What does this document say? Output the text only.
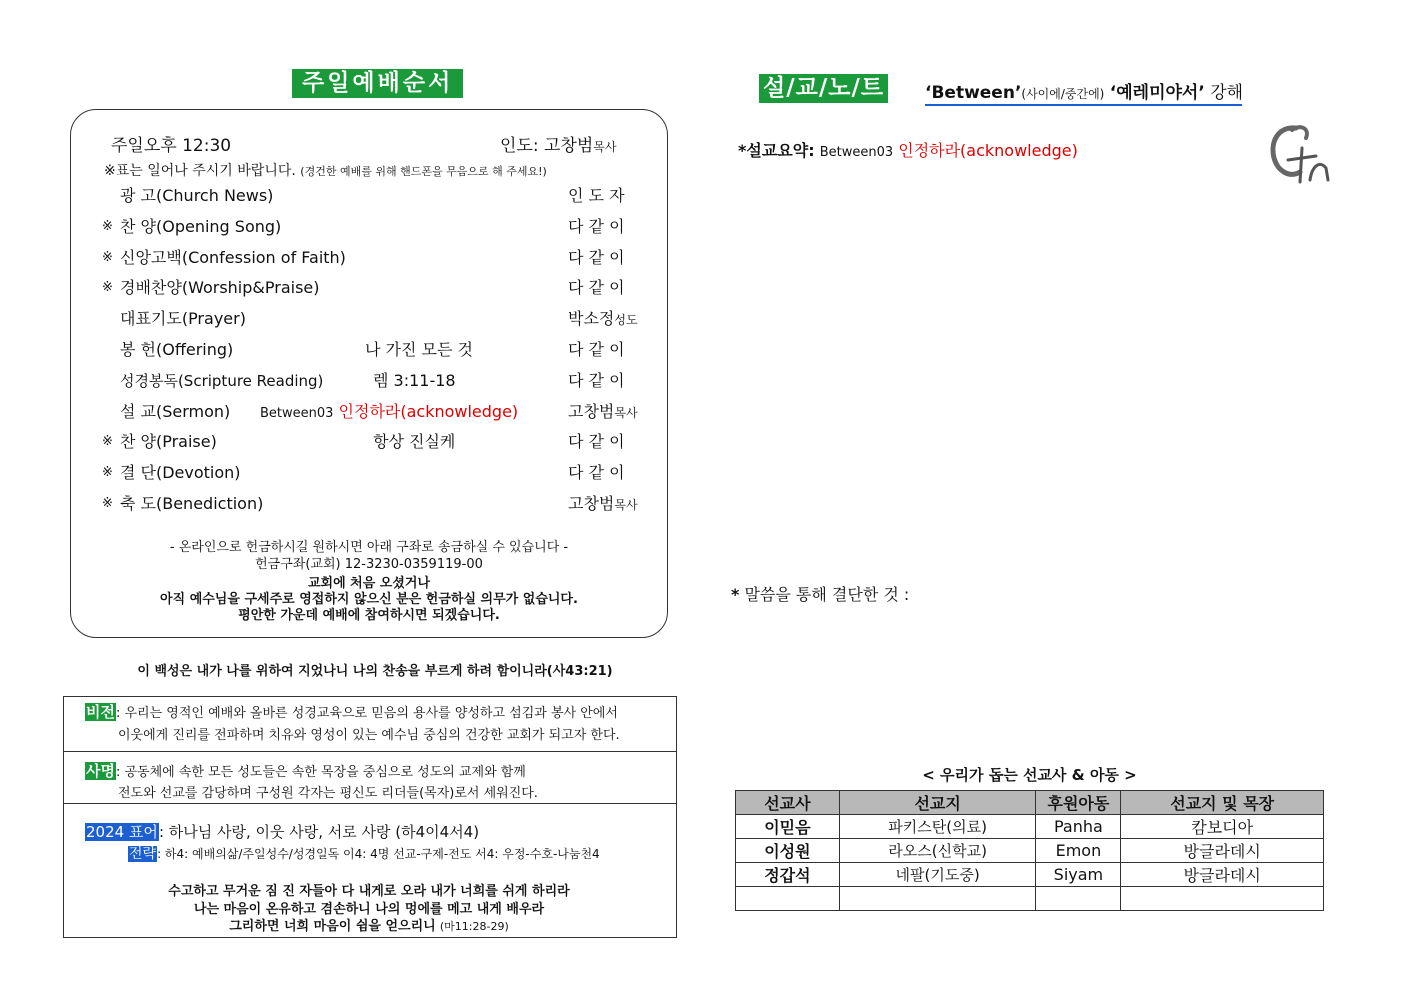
주일예배순서
주일오후 12:30	인도: 고창범목사
※표는 일어나 주시기 바랍니다. (경건한 예배를 위해 핸드폰을 무음으로 해 주세요!)
광 고(Church News)	인 도 자
※ 찬 양(Opening Song)	다 같 이
※ 신앙고백(Confession of Faith)	다 같 이
※ 경배찬양(Worship&Praise)	다 같 이
대표기도(Prayer)	박소정성도
봉 헌(Offering)	나 가진 모든 것	다 같 이
성경봉독(Scripture Reading)	렘 3:11-18	다 같 이
설 교(Sermon) Between03 인정하라(acknowledge)	고창범목사
※ 찬 양(Praise)	항상 진실케	다 같 이
※ 결 단(Devotion)	다 같 이
※ 축 도(Benediction)	고창범목사
- 온라인으로 헌금하시길 원하시면 아래 구좌로 송금하실 수 있습니다 -
헌금구좌(교회) 12-3230-0359119-00
교회에 처음 오셨거나
아직 예수님을 구세주로 영접하지 않으신 분은 헌금하실 의무가 없습니다.
평안한 가운데 예배에 참여하시면 되겠습니다.
이 백성은 내가 나를 위하여 지었나니 나의 찬송을 부르게 하려 함이니라(사43:21)
비전: 우리는 영적인 예배와 올바른 성경교육으로 믿음의 용사를 양성하고 섬김과 봉사 안에서
이웃에게 진리를 전파하며 치유와 영성이 있는 예수님 중심의 건강한 교회가 되고자 한다.
사명: 공동체에 속한 모든 성도들은 속한 목장을 중심으로 성도의 교제와 함께
전도와 선교를 감당하며 구성원 각자는 평신도 리더들(목자)로서 세워진다.
2024 표어: 하나님 사랑, 이웃 사랑, 서로 사랑 (하4이4서4)
전략: 하4: 예배의삶/주일성수/성경일독 이4: 4명 선교-구제-전도 서4: 우정-수호-나눔천4
수고하고 무거운 짐 진 자들아 다 내게로 오라 내가 너희를 쉬게 하리라
나는 마음이 온유하고 겸손하니 나의 멍에를 메고 내게 배우라
그리하면 너희 마음이 쉼을 얻으리니 (마11:28-29)
설/교/노/트 ‘Between’(사이에/중간에) ‘예레미야서’ 강해
*설교요약: Between03 인정하라(acknowledge)
* 말씀을 통해 결단한 것 :
< 우리가 돕는 선교사 & 아동 >
선교사	선교지	후원아동	선교지 및 목장
이믿음	파키스탄(의료)	Panha	캄보디아
이성원	라오스(신학교)	Emon	방글라데시
정갑석	네팔(기도중)	Siyam	방글라데시
